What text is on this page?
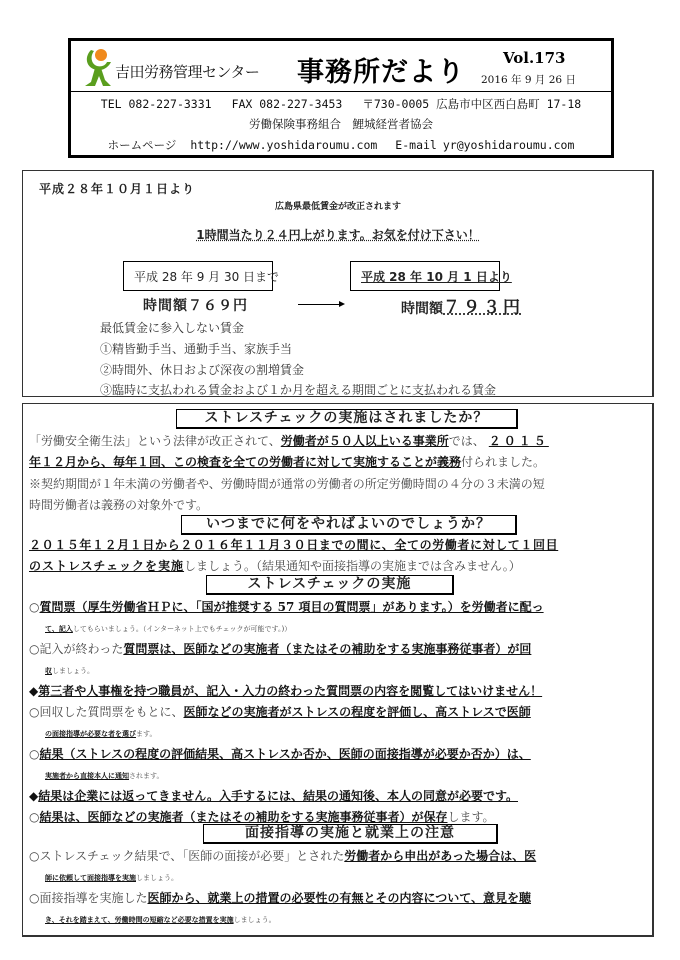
吉田労務管理センター 事務所だより	Vol.173
2016 年 9 月 26 日
TEL 082-227-3331 FAX 082-227-3453 〒730-0005 広島市中区西白島町 17-18
労働保険事務組合　鯉城経営者協会
ホームページ http://www.yoshidaroumu.com E-mail yr@yoshidaroumu.com
平成２８年１０月１日より
広島県最低賃金が改正されます
1時間当たり２４円上がります。お気を付け下さい！
平成 28 年 9 月 30 日まで	平成 28 年 10 月 1 日より
時間額７６９円	時間額７９３円
最低賃金に参入しない賃金
①精皆勤手当、通勤手当、家族手当
②時間外、休日および深夜の割増賃金
③臨時に支払われる賃金および１か月を超える期間ごとに支払われる賃金
ストレスチェックの実施はされましたか？
「労働安全衛生法」という法律が改正されて、労働者が５０人以上いる事業所では、 ２０１５
年１２月から、毎年１回、この検査を全ての労働者に対して実施することが義務付られました。
※契約期間が１年未満の労働者や、労働時間が通常の労働者の所定労働時間の４分の３未満の短
時間労働者は義務の対象外です。
いつまでに何をやればよいのでしょうか？
２０１５年１２月１日から２０１６年１１月３０日までの間に、全ての労働者に対して１回目
のストレスチェックを実施しましょう。（結果通知や面接指導の実施までは含みません。）
ストレスチェックの実施
○質問票（厚生労働省ＨＰに、「国が推奨する 57 項目の質問票」があります。）を労働者に配っ
て、記入してもらいましょう。（インターネット上でもチェックが可能です。)）
○記入が終わった質問票は、医師などの実施者（またはその補助をする実施事務従事者）が回
収しましょう。
◆第三者や人事権を持つ職員が、記入・入力の終わった質問票の内容を閲覧してはいけません！
○回収した質問票をもとに、医師などの実施者がストレスの程度を評価し、高ストレスで医師
の面接指導が必要な者を選びます。
○結果（ストレスの程度の評価結果、高ストレスか否か、医師の面接指導が必要か否か）は、
実施者から直接本人に通知されます。
◆結果は企業には返ってきません。入手するには、結果の通知後、本人の同意が必要です。
○結果は、医師などの実施者（またはその補助をする実施事務従事者）が保存します。
面接指導の実施と就業上の注意
○ストレスチェック結果で、「医師の面接が必要」とされた労働者から申出があった場合は、医
師に依頼して面接指導を実施しましょう。
○面接指導を実施した医師から、就業上の措置の必要性の有無とその内容について、意見を聴
き、それを踏まえて、労働時間の短縮など必要な措置を実施しましょう。
